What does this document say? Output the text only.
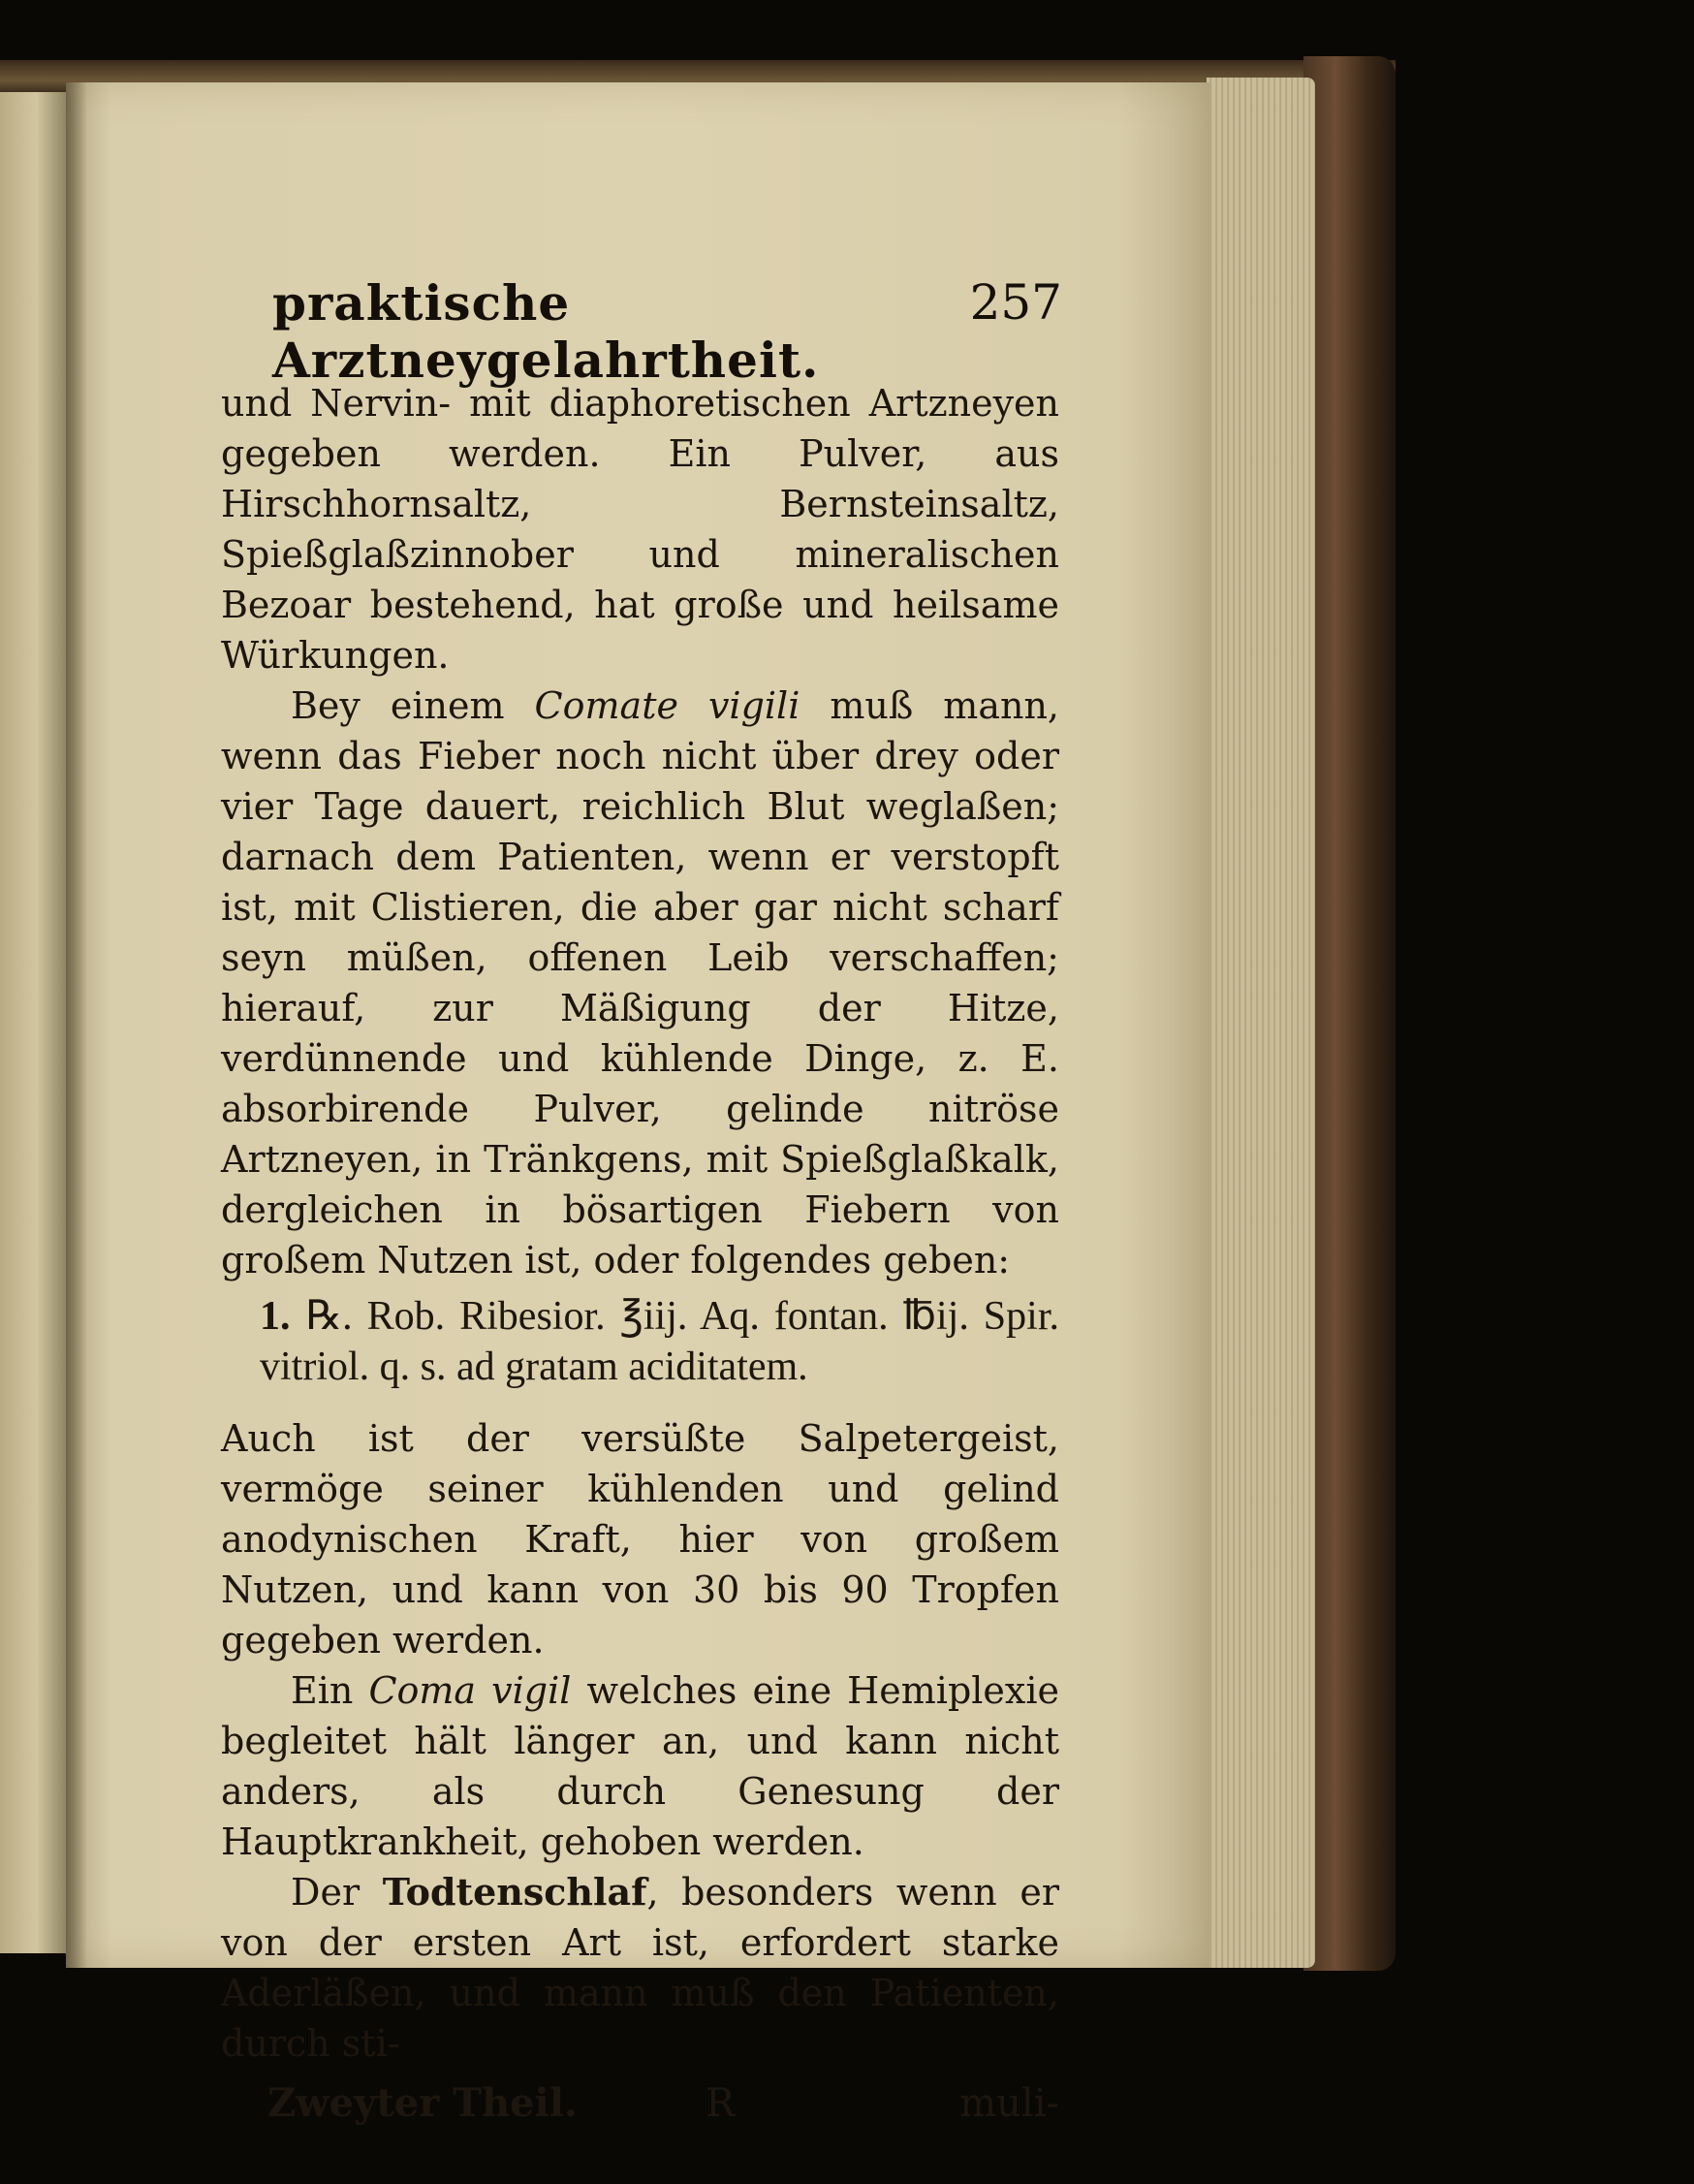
praktische Arztneygelahrtheit.
257

und Nervin- mit diaphoretischen Artzneyen gegeben werden. Ein Pulver, aus Hirschhornsaltz, Bernsteinsaltz, Spießglaßzinnober und mineralischen Bezoar bestehend, hat große und heilsame Würkungen.

Bey einem Comate vigili muß mann, wenn das Fieber noch nicht über drey oder vier Tage dauert, reichlich Blut weglaßen; darnach dem Patienten, wenn er verstopft ist, mit Clistieren, die aber gar nicht scharf seyn müßen, offenen Leib verschaffen; hierauf, zur Mäßigung der Hitze, verdünnende und kühlende Dinge, z. E. absorbirende Pulver, gelinde nitröse Artzneyen, in Tränkgens, mit Spießglaßkalk, dergleichen in bösartigen Fiebern von großem Nutzen ist, oder folgendes geben:

1. ℞. Rob. Ribesior. ℥iij. Aq. fontan. ℔ij. Spir. vitriol. q. s. ad gratam aciditatem.

Auch ist der versüßte Salpetergeist, vermöge seiner kühlenden und gelind anodynischen Kraft, hier von großem Nutzen, und kann von 30 bis 90 Tropfen gegeben werden.

Ein Coma vigil welches eine Hemiplexie begleitet hält länger an, und kann nicht anders, als durch Genesung der Hauptkrankheit, gehoben werden.

Der Todtenschlaf, besonders wenn er von der ersten Art ist, erfordert starke Aderläßen, und mann muß den Patienten, durch sti-

Zweyter Theil.	R	muli-
